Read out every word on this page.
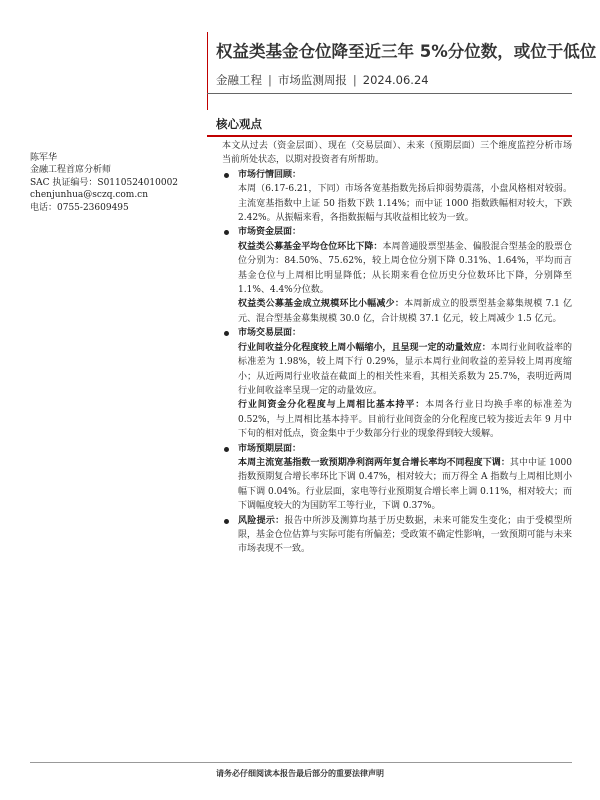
权益类基金仓位降至近三年 5%分位数，或位于低位
金融工程 | 市场监测周报 | 2024.06.24
核心观点
陈军华
金融工程首席分析师
SAC 执证编号：S0110524010002
chenjunhua@sczq.com.cn
电话：0755-23609495

本文从过去（资金层面）、现在（交易层面）、未来（预期层面）三个维度监控分析市场当前所处状态，以期对投资者有所帮助。

市场行情回顾：

本周（6.17-6.21，下同）市场各宽基指数先扬后抑弱势震荡，小盘风格相对较弱。主流宽基指数中上证 50 指数下跌 1.14%；而中证 1000 指数跌幅相对较大，下跌 2.42%。从振幅来看，各指数振幅与其收益相比较为一致。

市场资金层面：

权益类公募基金平均仓位环比下降：本周普通股票型基金、偏股混合型基金的股票仓位分别为：84.50%、75.62%，较上周仓位分别下降 0.31%、1.64%，平均而言基金仓位与上周相比明显降低；从长期来看仓位历史分位数环比下降，分别降至 1.1%、4.4%分位数。

权益类公募基金成立规模环比小幅减少：本周新成立的股票型基金募集规模 7.1 亿元、混合型基金募集规模 30.0 亿，合计规模 37.1 亿元，较上周减少 1.5 亿元。

市场交易层面：

行业间收益分化程度较上周小幅缩小，且呈现一定的动量效应：本周行业间收益率的标准差为 1.98%，较上周下行 0.29%，显示本周行业间收益的差异较上周再度缩小；从近两周行业收益在截面上的相关性来看，其相关系数为 25.7%，表明近两周行业间收益率呈现一定的动量效应。

行业间资金分化程度与上周相比基本持平：本周各行业日均换手率的标准差为 0.52%，与上周相比基本持平。目前行业间资金的分化程度已较为接近去年 9 月中下旬的相对低点，资金集中于少数部分行业的现象得到较大缓解。

市场预期层面：

本周主流宽基指数一致预期净利润两年复合增长率均不同程度下调：其中中证 1000 指数预期复合增长率环比下调 0.47%，相对较大；而万得全 A 指数与上周相比则小幅下调 0.04%。行业层面，家电等行业预期复合增长率上调 0.11%，相对较大；而下调幅度较大的为国防军工等行业，下调 0.37%。

风险提示：报告中所涉及测算均基于历史数据，未来可能发生变化；由于受模型所限，基金仓位估算与实际可能有所偏差；受政策不确定性影响，一致预期可能与未来市场表现不一致。

请务必仔细阅读本报告最后部分的重要法律声明
